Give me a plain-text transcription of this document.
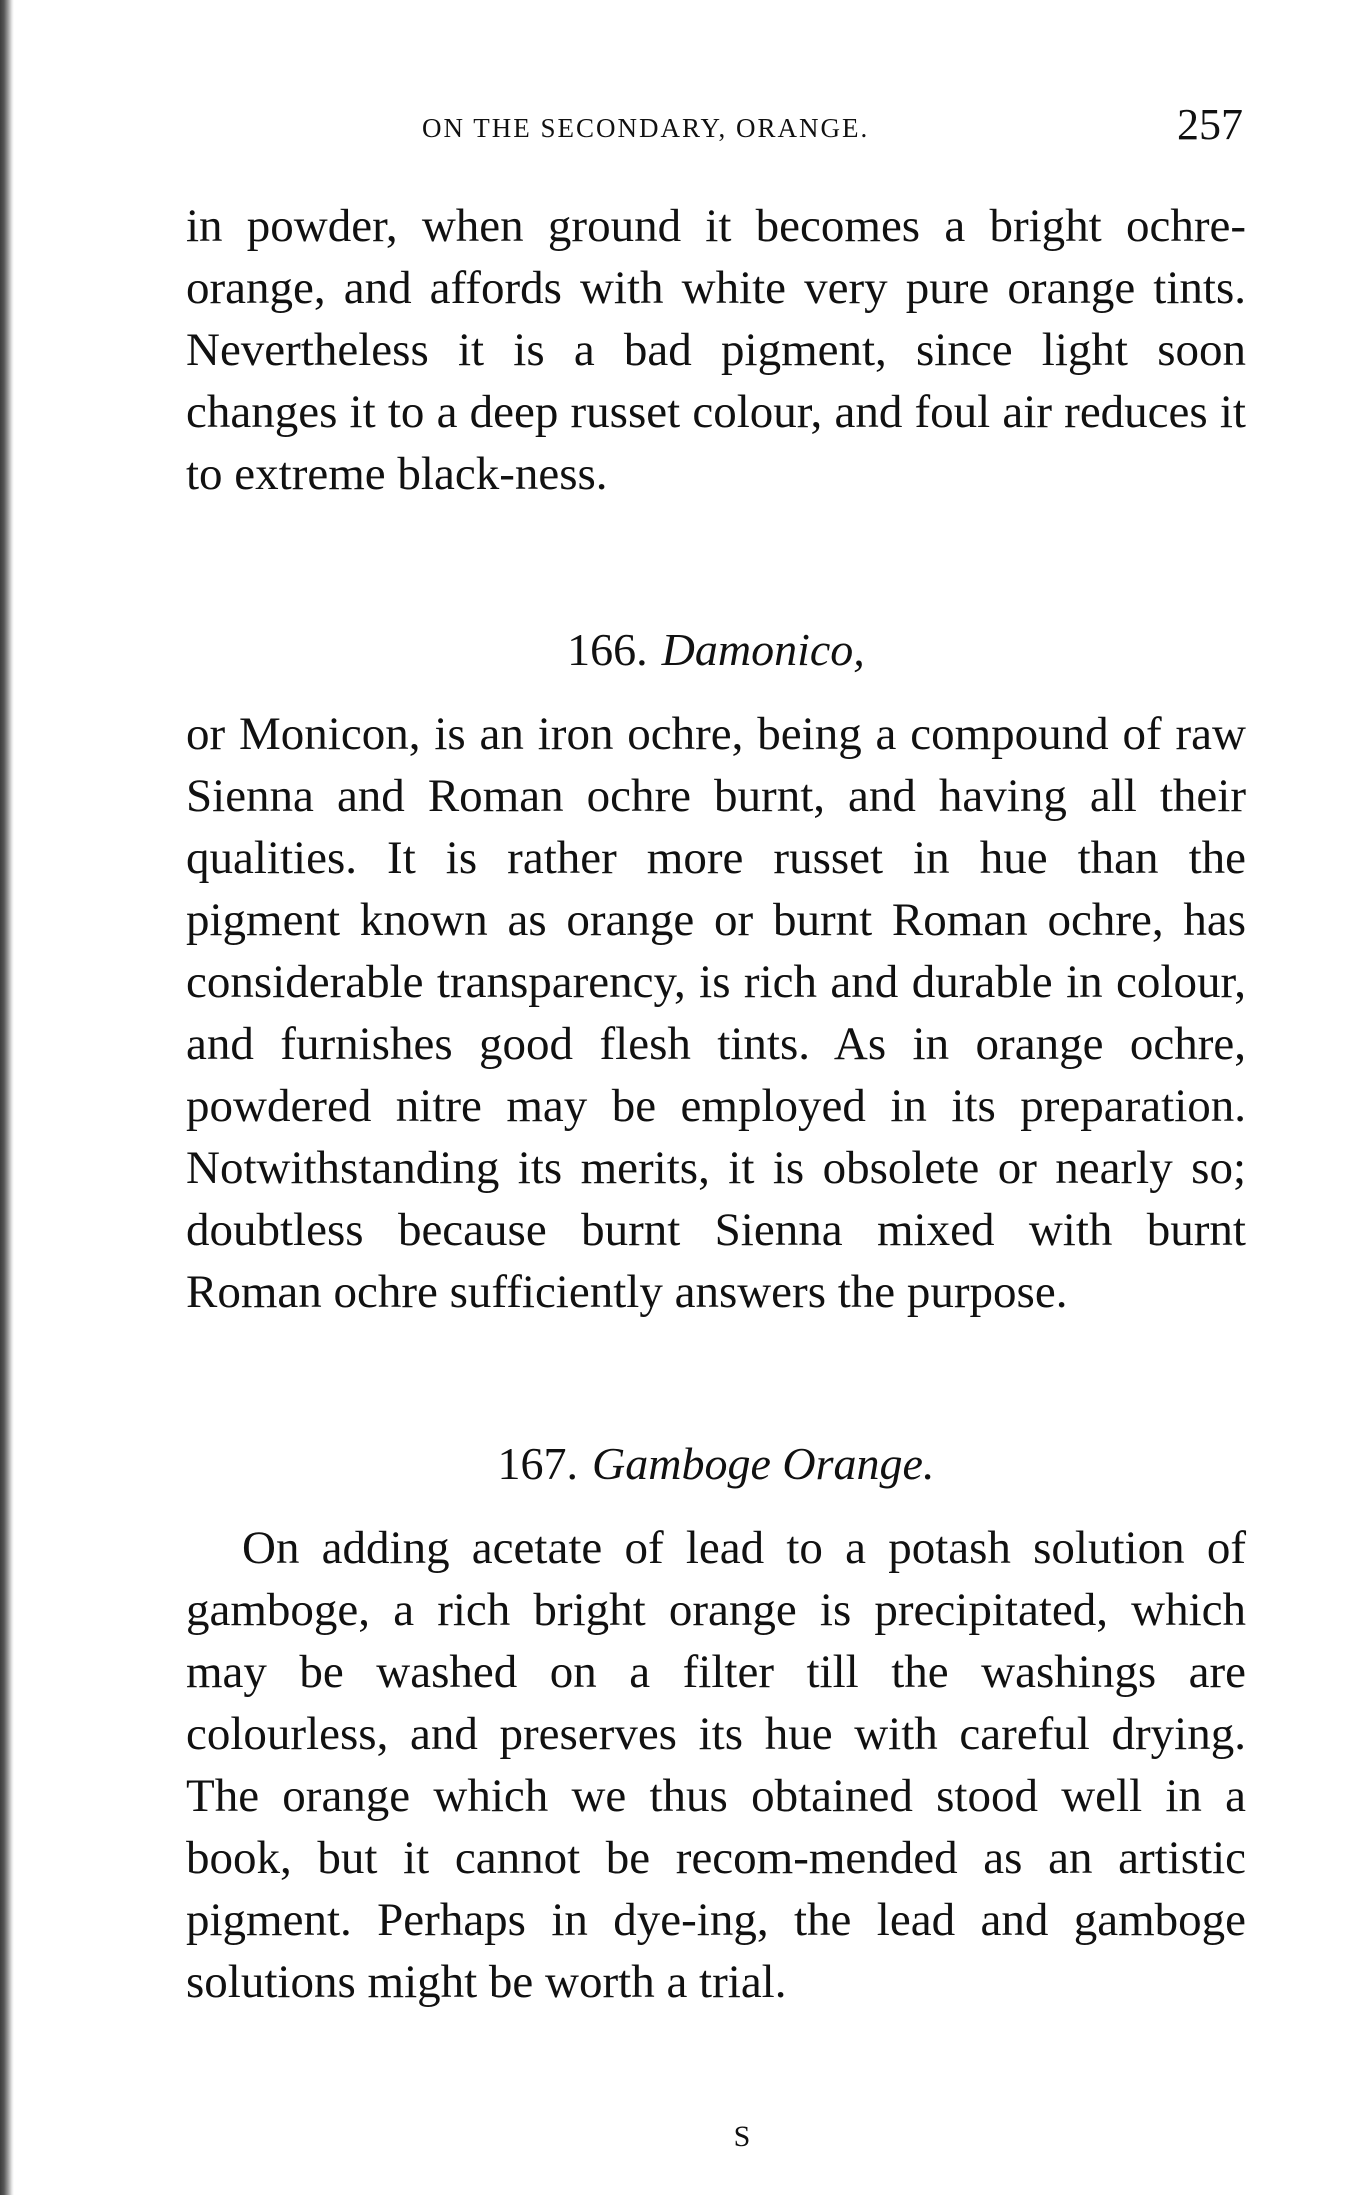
ON THE SECONDARY, ORANGE.	257

in powder, when ground it becomes a bright ochre-orange, and affords with white very pure orange tints. Nevertheless it is a bad pigment, since light soon changes it to a deep russet colour, and foul air reduces it to extreme black-ness.

166. Damonico,

or Monicon, is an iron ochre, being a compound of raw Sienna and Roman ochre burnt, and having all their qualities. It is rather more russet in hue than the pigment known as orange or burnt Roman ochre, has considerable transparency, is rich and durable in colour, and furnishes good flesh tints. As in orange ochre, powdered nitre may be employed in its preparation. Notwithstanding its merits, it is obsolete or nearly so; doubtless because burnt Sienna mixed with burnt Roman ochre sufficiently answers the purpose.

167. Gamboge Orange.

On adding acetate of lead to a potash solution of gamboge, a rich bright orange is precipitated, which may be washed on a filter till the washings are colourless, and preserves its hue with careful drying. The orange which we thus obtained stood well in a book, but it cannot be recom-mended as an artistic pigment. Perhaps in dye-ing, the lead and gamboge solutions might be worth a trial.

S
